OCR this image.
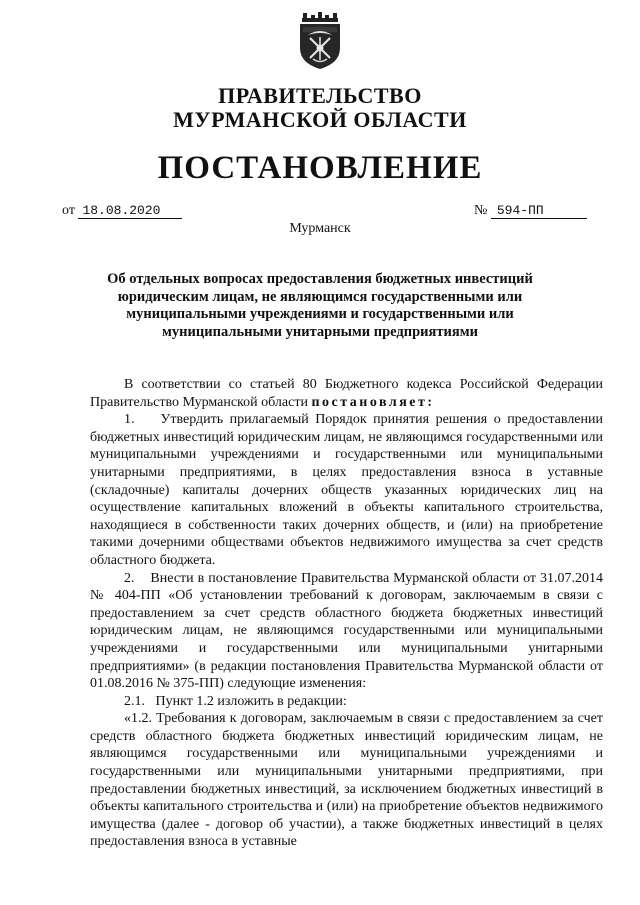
ПРАВИТЕЛЬСТВО
МУРМАНСКОЙ ОБЛАСТИ
ПОСТАНОВЛЕНИЕ
от 18.08.2020	№ 594-ПП
Мурманск
Об отдельных вопросах предоставления бюджетных инвестиций юридическим лицам, не являющимся государственными или муниципальными учреждениями и государственными или муниципальными унитарными предприятиями

В соответствии со статьей 80 Бюджетного кодекса Российской Федерации Правительство Мурманской области постановляет:

1.    Утвердить прилагаемый Порядок принятия решения о предоставлении бюджетных инвестиций юридическим лицам, не являющимся государственными или муниципальными учреждениями и государственными или муниципальными унитарными предприятиями, в целях предоставления взноса в уставные (складочные) капиталы дочерних обществ указанных юридических лиц на осуществление капитальных вложений в объекты капитального строительства, находящиеся в собственности таких дочерних обществ, и (или) на приобретение такими дочерними обществами объектов недвижимого имущества за счет средств областного бюджета.

2.    Внести в постановление Правительства Мурманской области от 31.07.2014 № 404-ПП «Об установлении требований к договорам, заключаемым в связи с предоставлением за счет средств областного бюджета бюджетных инвестиций юридическим лицам, не являющимся государственными или муниципальными учреждениями и государственными или муниципальными унитарными предприятиями» (в редакции постановления Правительства Мурманской области от 01.08.2016 № 375-ПП) следующие изменения:

2.1.   Пункт 1.2 изложить в редакции:

«1.2. Требования к договорам, заключаемым в связи с предоставлением за счет средств областного бюджета бюджетных инвестиций юридическим лицам, не являющимся государственными или муниципальными учреждениями и государственными или муниципальными унитарными предприятиями, при предоставлении бюджетных инвестиций, за исключением бюджетных инвестиций в объекты капитального строительства и (или) на приобретение объектов недвижимого имущества (далее - договор об участии), а также бюджетных инвестиций в целях предоставления взноса в уставные
